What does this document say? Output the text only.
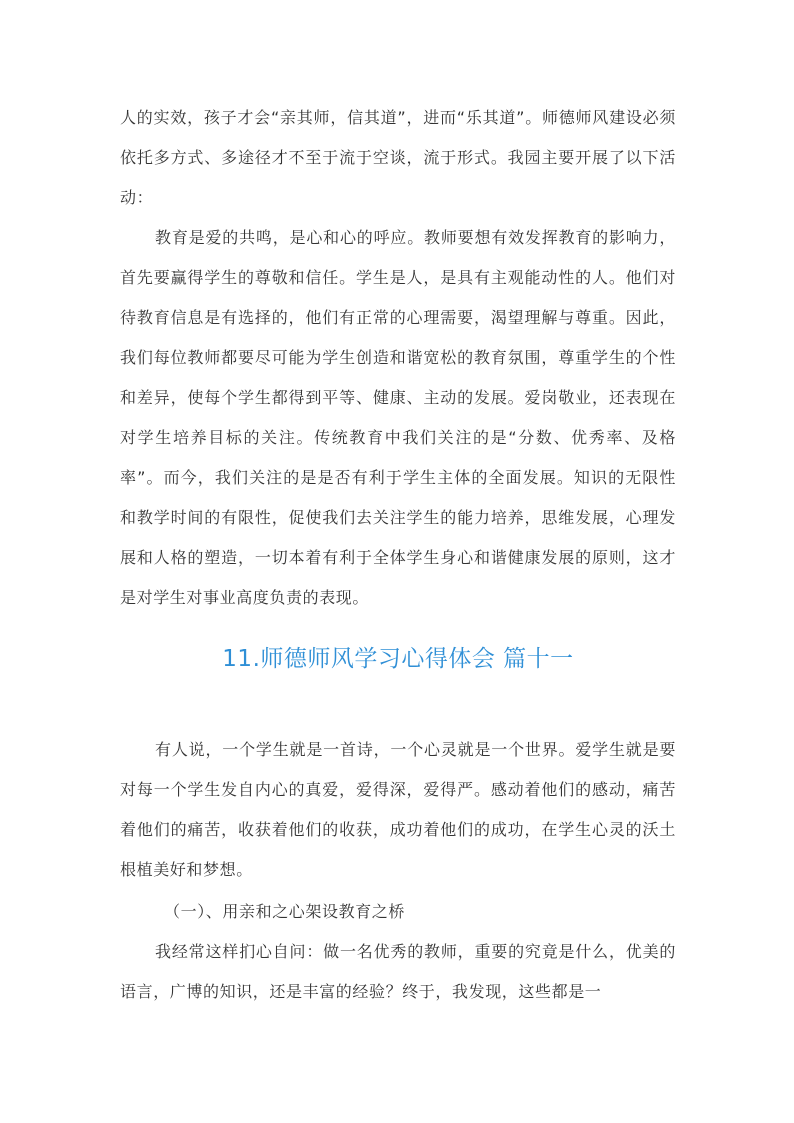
人的实效，孩子才会“亲其师，信其道”，进而“乐其道”。师德师风建设必须依托多方式、多途径才不至于流于空谈，流于形式。我园主要开展了以下活动：

教育是爱的共鸣，是心和心的呼应。教师要想有效发挥教育的影响力，首先要赢得学生的尊敬和信任。学生是人，是具有主观能动性的人。他们对待教育信息是有选择的，他们有正常的心理需要，渴望理解与尊重。因此，我们每位教师都要尽可能为学生创造和谐宽松的教育氛围，尊重学生的个性和差异，使每个学生都得到平等、健康、主动的发展。爱岗敬业，还表现在对学生培养目标的关注。传统教育中我们关注的是“分数、优秀率、及格率”。而今，我们关注的是是否有利于学生主体的全面发展。知识的无限性和教学时间的有限性，促使我们去关注学生的能力培养，思维发展，心理发展和人格的塑造，一切本着有利于全体学生身心和谐健康发展的原则，这才是对学生对事业高度负责的表现。

11.师德师风学习心得体会 篇十一

有人说，一个学生就是一首诗，一个心灵就是一个世界。爱学生就是要对每一个学生发自内心的真爱，爱得深，爱得严。感动着他们的感动，痛苦着他们的痛苦，收获着他们的收获，成功着他们的成功，在学生心灵的沃土根植美好和梦想。

（一）、用亲和之心架设教育之桥

我经常这样扪心自问：做一名优秀的教师，重要的究竟是什么，优美的语言，广博的知识，还是丰富的经验？终于，我发现，这些都是一
